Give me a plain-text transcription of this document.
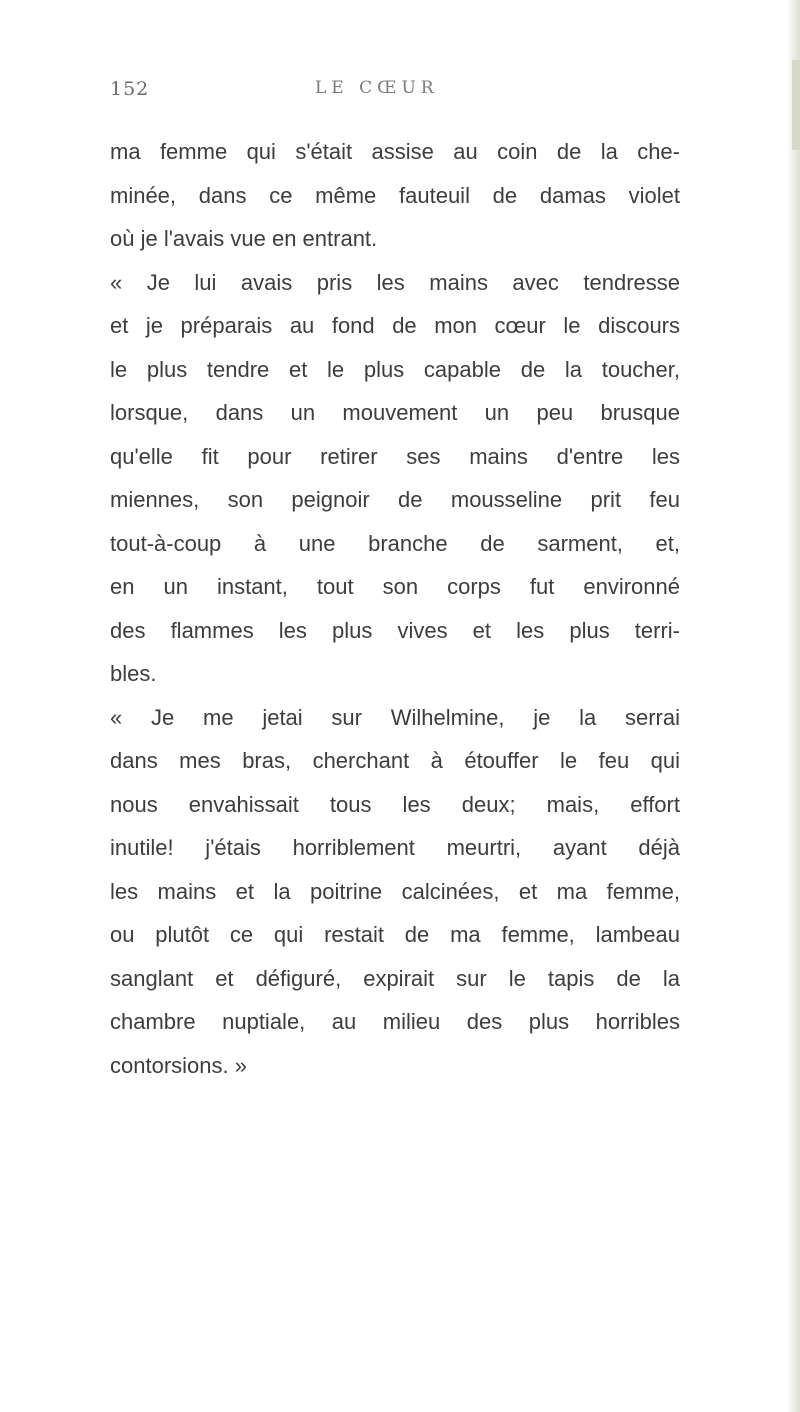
152	LE CŒUR
ma femme qui s'était assise au coin de la che-
minée, dans ce même fauteuil de damas violet
où je l'avais vue en entrant.
« Je lui avais pris les mains avec tendresse
et je préparais au fond de mon cœur le discours
le plus tendre et le plus capable de la toucher,
lorsque, dans un mouvement un peu brusque
qu'elle fit pour retirer ses mains d'entre les
miennes, son peignoir de mousseline prit feu
tout-à-coup à une branche de sarment, et,
en un instant, tout son corps fut environné
des flammes les plus vives et les plus terri-
bles.
« Je me jetai sur Wilhelmine, je la serrai
dans mes bras, cherchant à étouffer le feu qui
nous envahissait tous les deux; mais, effort
inutile! j'étais horriblement meurtri, ayant déjà
les mains et la poitrine calcinées, et ma femme,
ou plutôt ce qui restait de ma femme, lambeau
sanglant et défiguré, expirait sur le tapis de la
chambre nuptiale, au milieu des plus horribles
contorsions. »
